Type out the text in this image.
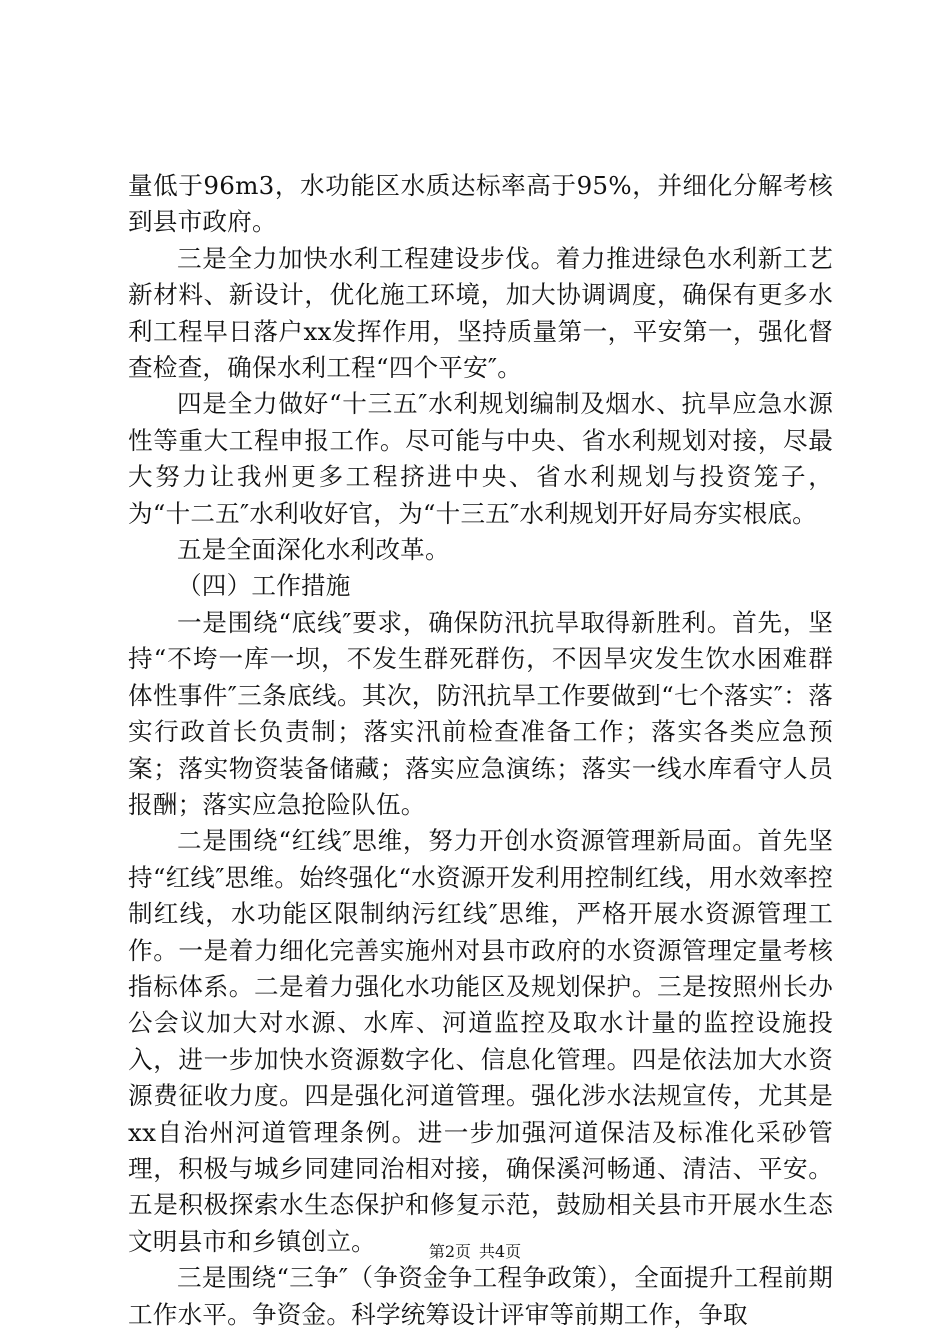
量低于96m3，水功能区水质达标率高于95%，并细化分解考核到县市政府。

三是全力加快水利工程建设步伐。着力推进绿色水利新工艺新材料、新设计，优化施工环境，加大协调调度，确保有更多水利工程早日落户xx发挥作用，坚持质量第一，平安第一，强化督查检查，确保水利工程“四个平安″。

四是全力做好“十三五″水利规划编制及烟水、抗旱应急水源性等重大工程申报工作。尽可能与中央、省水利规划对接，尽最大努力让我州更多工程挤进中央、省水利规划与投资笼子，为“十二五″水利收好官，为“十三五″水利规划开好局夯实根底。

五是全面深化水利改革。

（四）工作措施

一是围绕“底线″要求，确保防汛抗旱取得新胜利。首先，坚持“不垮一库一坝，不发生群死群伤，不因旱灾发生饮水困难群体性事件″三条底线。其次，防汛抗旱工作要做到“七个落实″：落实行政首长负责制；落实汛前检查准备工作；落实各类应急预案；落实物资装备储藏；落实应急演练；落实一线水库看守人员报酬；落实应急抢险队伍。

二是围绕“红线″思维，努力开创水资源管理新局面。首先坚持“红线″思维。始终强化“水资源开发利用控制红线，用水效率控制红线，水功能区限制纳污红线″思维，严格开展水资源管理工作。一是着力细化完善实施州对县市政府的水资源管理定量考核指标体系。二是着力强化水功能区及规划保护。三是按照州长办公会议加大对水源、水库、河道监控及取水计量的监控设施投入，进一步加快水资源数字化、信息化管理。四是依法加大水资源费征收力度。四是强化河道管理。强化涉水法规宣传，尤其是xx自治州河道管理条例。进一步加强河道保洁及标准化采砂管理，积极与城乡同建同治相对接，确保溪河畅通、清洁、平安。五是积极探索水生态保护和修复示范，鼓励相关县市开展水生态文明县市和乡镇创立。

三是围绕“三争″（争资金争工程争政策），全面提升工程前期工作水平。争资金。科学统筹设计评审等前期工作，争取

第2页 共4页
